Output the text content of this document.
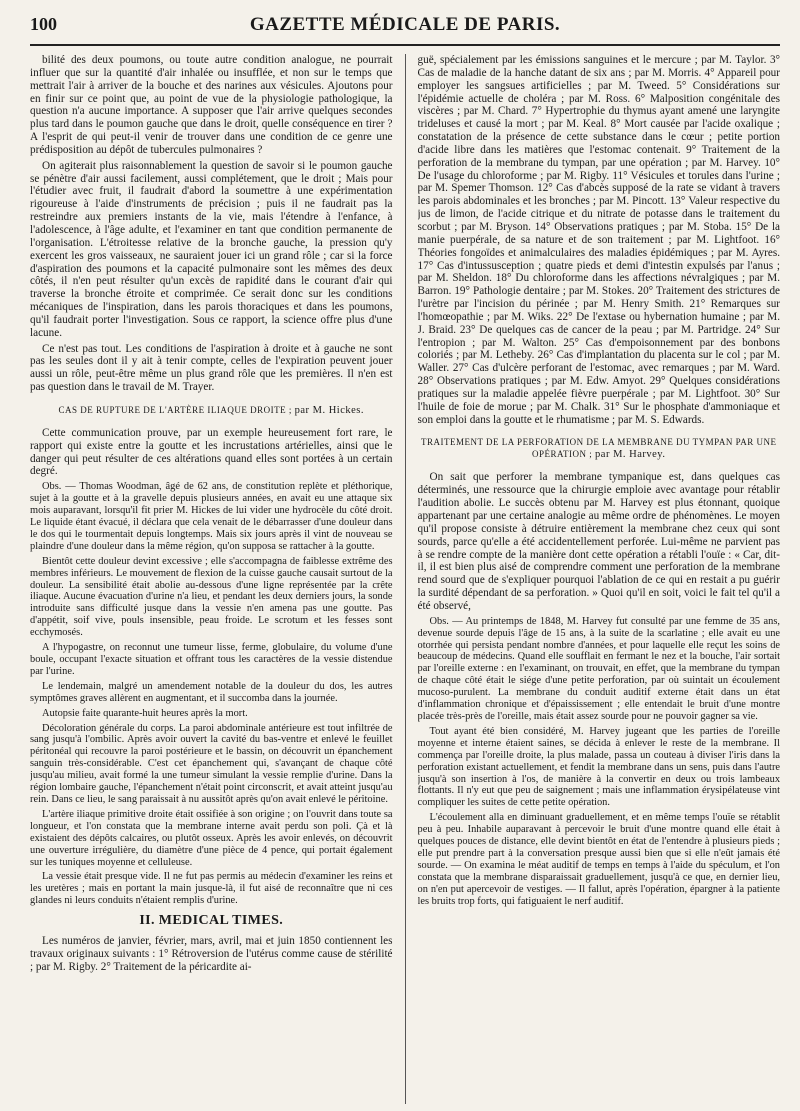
100	GAZETTE MÉDICALE DE PARIS.

bilité des deux poumons, ou toute autre condition analogue, ne pourrait influer que sur la quantité d'air inhalée ou insufflée, et non sur le temps que mettrait l'air à arriver de la bouche et des narines aux vésicules. Ajoutons pour en finir sur ce point que, au point de vue de la physiologie pathologique, la question n'a aucune importance. A supposer que l'air arrive quelques secondes plus tard dans le poumon gauche que dans le droit, quelle conséquence en tirer ? A l'esprit de qui peut-il venir de trouver dans une condition de ce genre une prédisposition au dépôt de tubercules pulmonaires ?

On agiterait plus raisonnablement la question de savoir si le poumon gauche se pénètre d'air aussi facilement, aussi complétement, que le droit ; Mais pour l'étudier avec fruit, il faudrait d'abord la soumettre à une expérimentation rigoureuse à l'aide d'instruments de précision ; puis il ne faudrait pas la restreindre aux premiers instants de la vie, mais l'étendre à l'enfance, à l'adolescence, à l'âge adulte, et l'examiner en tant que condition permanente de l'organisation. L'étroitesse relative de la bronche gauche, la pression qu'y exercent les gros vaisseaux, ne sauraient jouer ici un grand rôle ; car si la force d'aspiration des poumons et la capacité pulmonaire sont les mêmes des deux côtés, il n'en peut résulter qu'un excès de rapidité dans le courant d'air qui traverse la bronche étroite et comprimée. Ce serait donc sur les conditions mécaniques de l'inspiration, dans les parois thoraciques et dans les poumons, qu'il faudrait porter l'investigation. Sous ce rapport, la science offre plus d'une lacune.

Ce n'est pas tout. Les conditions de l'aspiration à droite et à gauche ne sont pas les seules dont il y ait à tenir compte, celles de l'expiration peuvent jouer aussi un rôle, peut-être même un plus grand rôle que les premières. Il n'en est pas question dans le travail de M. Trayer.

CAS DE RUPTURE DE L'ARTÈRE ILIAQUE DROITE ; par M. Hickes.

Cette communication prouve, par un exemple heureusement fort rare, le rapport qui existe entre la goutte et les incrustations artérielles, ainsi que le danger qui peut résulter de ces altérations quand elles sont portées à un certain degré.

Obs. — Thomas Woodman, âgé de 62 ans, de constitution replète et pléthorique, sujet à la goutte et à la gravelle depuis plusieurs années, en avait eu une attaque six mois auparavant, lorsqu'il fit prier M. Hickes de lui vider une hydrocèle du côté droit. Le liquide étant évacué, il déclara que cela venait de le débarrasser d'une douleur dans le dos qui le tourmentait depuis longtemps. Mais six jours après il vint de nouveau se plaindre d'une douleur dans la même région, qu'on supposa se rattacher à la goutte.

Bientôt cette douleur devint excessive ; elle s'accompagna de faiblesse extrême des membres inférieurs. Le mouvement de flexion de la cuisse gauche causait surtout de la douleur. La sensibilité était abolie au-dessous d'une ligne représentée par la crête iliaque. Aucune évacuation d'urine n'a lieu, et pendant les deux derniers jours, la sonde introduite sans difficulté jusque dans la vessie n'en amena pas une goutte. Pas d'appétit, soif vive, pouls insensible, peau froide. Le scrotum et les fesses sont ecchymosés.

A l'hypogastre, on reconnut une tumeur lisse, ferme, globulaire, du volume d'une boule, occupant l'exacte situation et offrant tous les caractères de la vessie distendue par l'urine.

Le lendemain, malgré un amendement notable de la douleur du dos, les autres symptômes graves allèrent en augmentant, et il succomba dans la journée.

Autopsie faite quarante-huit heures après la mort.

Décoloration générale du corps. La paroi abdominale antérieure est tout infiltrée de sang jusqu'à l'ombilic. Après avoir ouvert la cavité du bas-ventre et enlevé le feuillet péritonéal qui recouvre la paroi postérieure et le bassin, on découvrit un épanchement sanguin très-considérable. C'est cet épanchement qui, s'avançant de chaque côté jusqu'au milieu, avait formé la une tumeur simulant la vessie remplie d'urine. Dans la région lombaire gauche, l'épanchement n'était point circonscrit, et avait atteint jusqu'au rein. Dans ce lieu, le sang paraissait à nu aussitôt après qu'on avait enlevé le péritoine.

L'artère iliaque primitive droite était ossifiée à son origine ; on l'ouvrit dans toute sa longueur, et l'on constata que la membrane interne avait perdu son poli. Çà et là existaient des dépôts calcaires, ou plutôt osseux. Après les avoir enlevés, on découvrit une ouverture irrégulière, du diamètre d'une pièce de 4 pence, qui portait également sur les tuniques moyenne et celluleuse.

La vessie était presque vide. Il ne fut pas permis au médecin d'examiner les reins et les uretères ; mais en portant la main jusque-là, il fut aisé de reconnaître que ni ces glandes ni leurs conduits n'étaient remplis d'urine.

II. MEDICAL TIMES.

Les numéros de janvier, février, mars, avril, mai et juin 1850 contiennent les travaux originaux suivants : 1° Rétroversion de l'utérus comme cause de stérilité ; par M. Rigby. 2° Traitement de la péricardite ai-

guë, spécialement par les émissions sanguines et le mercure ; par M. Taylor. 3° Cas de maladie de la hanche datant de six ans ; par M. Morris. 4° Appareil pour employer les sangsues artificielles ; par M. Tweed. 5° Considérations sur l'épidémie actuelle de choléra ; par M. Ross. 6° Malposition congénitale des viscères ; par M. Chard. 7° Hypertrophie du thymus ayant amené une laryngite trideluses et causé la mort ; par M. Keal. 8° Mort causée par l'acide oxalique ; constatation de la présence de cette substance dans le cœur ; petite portion d'acide libre dans les matières que l'estomac contenait. 9° Traitement de la perforation de la membrane du tympan, par une opération ; par M. Harvey. 10° De l'usage du chloroforme ; par M. Rigby. 11° Vésicules et torules dans l'urine ; par M. Spemer Thomson. 12° Cas d'abcès supposé de la rate se vidant à travers les parois abdominales et les bronches ; par M. Pincott. 13° Valeur respective du jus de limon, de l'acide citrique et du nitrate de potasse dans le traitement du scorbut ; par M. Bryson. 14° Observations pratiques ; par M. Stoba. 15° De la manie puerpérale, de sa nature et de son traitement ; par M. Lightfoot. 16° Théories fongoïdes et animalculaires des maladies épidémiques ; par M. Ayres. 17° Cas d'intussusception ; quatre pieds et demi d'intestin expulsés par l'anus ; par M. Sheldon. 18° Du chloroforme dans les affections névralgiques ; par M. Barron. 19° Pathologie dentaire ; par M. Stokes. 20° Traitement des strictures de l'urètre par l'incision du périnée ; par M. Henry Smith. 21° Remarques sur l'homœopathie ; par M. Wiks. 22° De l'extase ou hybernation humaine ; par M. J. Braid. 23° De quelques cas de cancer de la peau ; par M. Partridge. 24° Sur l'entropion ; par M. Walton. 25° Cas d'empoisonnement par des bonbons coloriés ; par M. Letheby. 26° Cas d'implantation du placenta sur le col ; par M. Waller. 27° Cas d'ulcère perforant de l'estomac, avec remarques ; par M. Ward. 28° Observations pratiques ; par M. Edw. Amyot. 29° Quelques considérations pratiques sur la maladie appelée fièvre puerpérale ; par M. Lightfoot. 30° Sur l'huile de foie de morue ; par M. Chalk. 31° Sur le phosphate d'ammoniaque et son emploi dans la goutte et le rhumatisme ; par M. S. Edwards.

TRAITEMENT DE LA PERFORATION DE LA MEMBRANE DU TYMPAN PAR UNE OPÉRATION ; par M. Harvey.

On sait que perforer la membrane tympanique est, dans quelques cas déterminés, une ressource que la chirurgie emploie avec avantage pour rétablir l'audition abolie. Le succès obtenu par M. Harvey est plus étonnant, quoique appartenant par une certaine analogie au même ordre de phénomènes. Le moyen qu'il propose consiste à détruire entièrement la membrane chez ceux qui sont sourds, parce qu'elle a été accidentellement perforée. Lui-même ne parvient pas à se rendre compte de la manière dont cette opération a rétabli l'ouïe : « Car, dit-il, il est bien plus aisé de comprendre comment une perforation de la membrane rend sourd que de s'expliquer pourquoi l'ablation de ce qui en restait a pu guérir la surdité dépendant de sa perforation. » Quoi qu'il en soit, voici le fait tel qu'il a été observé,

Obs. — Au printemps de 1848, M. Harvey fut consulté par une femme de 35 ans, devenue sourde depuis l'âge de 15 ans, à la suite de la scarlatine ; elle avait eu une otorrhée qui persista pendant nombre d'années, et pour laquelle elle reçut les soins de beaucoup de médecins. Quand elle soufflait en fermant le nez et la bouche, l'air sortait par l'oreille externe : en l'examinant, on trouvait, en effet, que la membrane du tympan de chaque côté était le siége d'une petite perforation, par où suintait un écoulement mucoso-purulent. La membrane du conduit auditif externe était dans un état d'inflammation chronique et d'épaississement ; elle entendait le bruit d'une montre placée très-près de l'oreille, mais était assez sourde pour ne pouvoir gagner sa vie.

Tout ayant été bien considéré, M. Harvey jugeant que les parties de l'oreille moyenne et interne étaient saines, se décida à enlever le reste de la membrane. Il commença par l'oreille droite, la plus malade, passa un couteau à diviser l'iris dans la perforation existant actuellement, et fendit la membrane dans un sens, puis dans l'autre jusqu'à son insertion à l'os, de manière à la convertir en deux ou trois lambeaux flottants. Il n'y eut que peu de saignement ; mais une inflammation érysipélateuse vint compliquer les suites de cette petite opération.

L'écoulement alla en diminuant graduellement, et en même temps l'ouïe se rétablit peu à peu. Inhabile auparavant à percevoir le bruit d'une montre quand elle était à quelques pouces de distance, elle devint bientôt en état de l'entendre à plusieurs pieds ; elle put prendre part à la conversation presque aussi bien que si elle n'eût jamais été sourde. — On examina le méat auditif de temps en temps à l'aide du spéculum, et l'on constata que la membrane disparaissait graduellement, jusqu'à ce que, en dernier lieu, on n'en put apercevoir de vestiges. — Il fallut, après l'opération, épargner à la patiente les bruits trop forts, qui fatiguaient le nerf auditif.
